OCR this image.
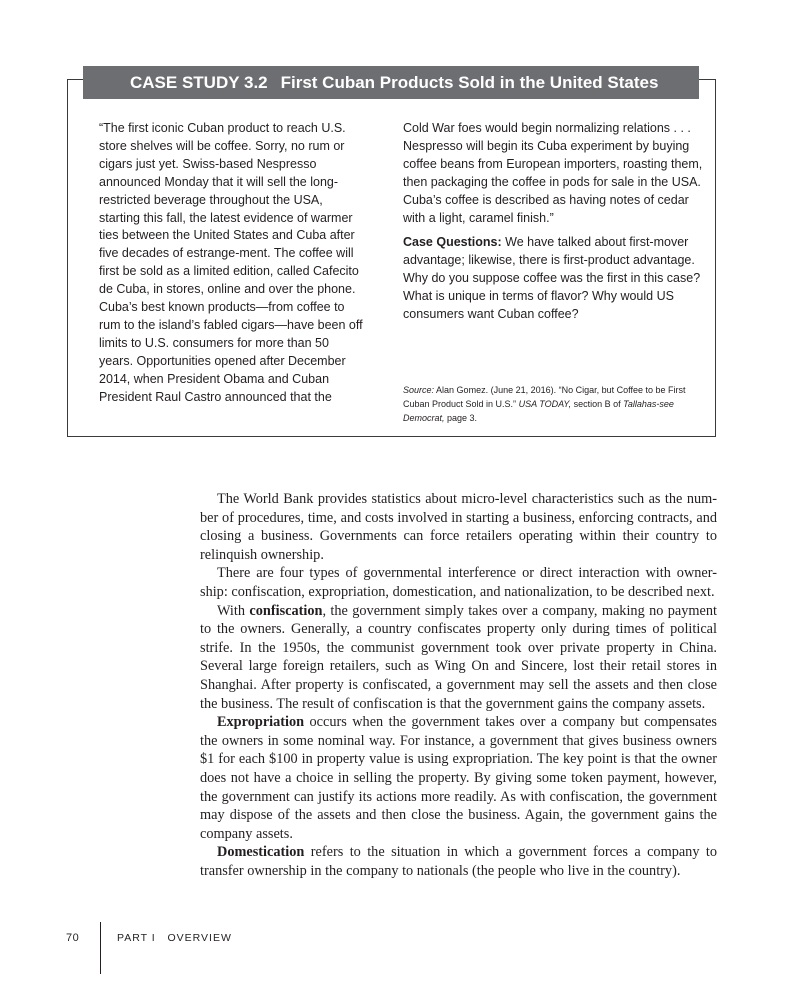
CASE STUDY 3.2 First Cuban Products Sold in the United States

“The first iconic Cuban product to reach U.S. store shelves will be coffee. Sorry, no rum or cigars just yet. Swiss-based Nespresso announced Monday that it will sell the long-restricted beverage throughout the USA, starting this fall, the latest evidence of warmer ties between the United States and Cuba after five decades of estrange-ment. The coffee will first be sold as a limited edition, called Cafecito de Cuba, in stores, online and over the phone. Cuba’s best known products—from coffee to rum to the island’s fabled cigars—have been off limits to U.S. consumers for more than 50 years. Opportunities opened after December 2014, when President Obama and Cuban President Raul Castro announced that the

Cold War foes would begin normalizing relations . . . Nespresso will begin its Cuba experiment by buying coffee beans from European importers, roasting them, then packaging the coffee in pods for sale in the USA. Cuba’s coffee is described as having notes of cedar with a light, caramel finish.”

Case Questions: We have talked about first-mover advantage; likewise, there is first-product advantage. Why do you suppose coffee was the first in this case? What is unique in terms of flavor? Why would US consumers want Cuban coffee?

Source: Alan Gomez. (June 21, 2016). “No Cigar, but Coffee to be First Cuban Product Sold in U.S.” USA TODAY, section B of Tallahas-see Democrat, page 3.

The World Bank provides statistics about micro-level characteristics such as the num-ber of procedures, time, and costs involved in starting a business, enforcing contracts, and closing a business. Governments can force retailers operating within their country to relinquish ownership.

There are four types of governmental interference or direct interaction with owner-ship: confiscation, expropriation, domestication, and nationalization, to be described next.

With confiscation, the government simply takes over a company, making no payment to the owners. Generally, a country confiscates property only during times of political strife. In the 1950s, the communist government took over private property in China. Several large foreign retailers, such as Wing On and Sincere, lost their retail stores in Shanghai. After property is confiscated, a government may sell the assets and then close the business. The result of confiscation is that the government gains the company assets.

Expropriation occurs when the government takes over a company but compensates the owners in some nominal way. For instance, a government that gives business owners $1 for each $100 in property value is using expropriation. The key point is that the owner does not have a choice in selling the property. By giving some token payment, however, the government can justify its actions more readily. As with confiscation, the government may dispose of the assets and then close the business. Again, the government gains the company assets.

Domestication refers to the situation in which a government forces a company to transfer ownership in the company to nationals (the people who live in the country).

70	PART I OVERVIEW
